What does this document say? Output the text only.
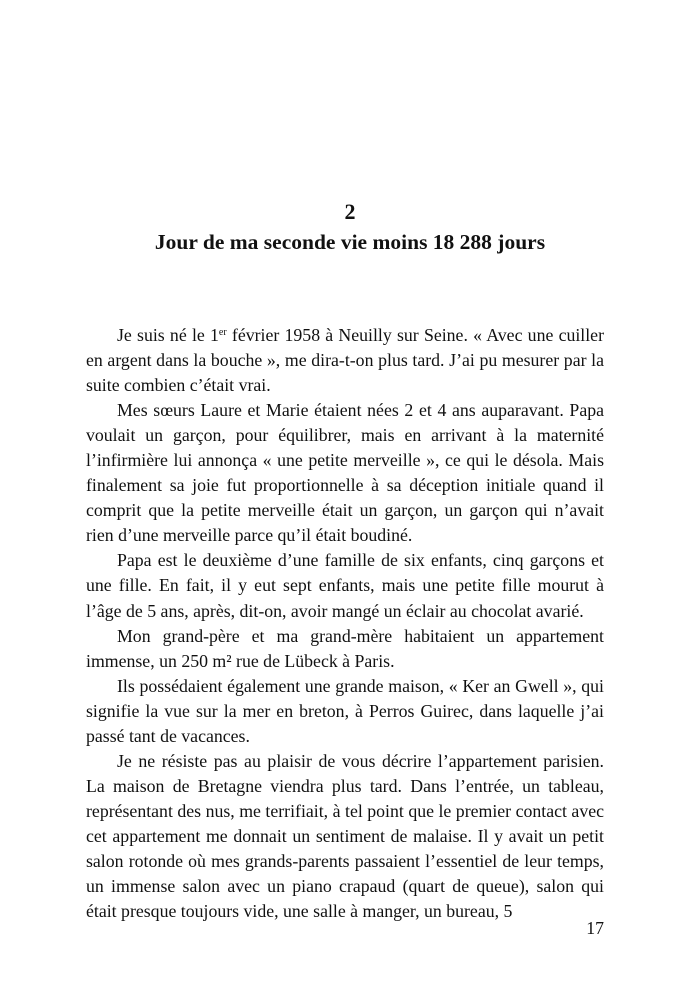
2
Jour de ma seconde vie moins 18 288 jours

Je suis né le 1er février 1958 à Neuilly sur Seine. « Avec une cuiller en argent dans la bouche », me dira-t-on plus tard. J’ai pu mesurer par la suite combien c’était vrai.

Mes sœurs Laure et Marie étaient nées 2 et 4 ans auparavant. Papa voulait un garçon, pour équilibrer, mais en arrivant à la maternité l’infirmière lui annonça « une petite merveille », ce qui le désola. Mais finalement sa joie fut proportionnelle à sa déception initiale quand il comprit que la petite merveille était un garçon, un garçon qui n’avait rien d’une merveille parce qu’il était boudiné.

Papa est le deuxième d’une famille de six enfants, cinq garçons et une fille. En fait, il y eut sept enfants, mais une petite fille mourut à l’âge de 5 ans, après, dit-on, avoir mangé un éclair au chocolat avarié.

Mon grand-père et ma grand-mère habitaient un appartement immense, un 250 m² rue de Lübeck à Paris.

Ils possédaient également une grande maison, « Ker an Gwell », qui signifie la vue sur la mer en breton, à Perros Guirec, dans laquelle j’ai passé tant de vacances.

Je ne résiste pas au plaisir de vous décrire l’appartement parisien. La maison de Bretagne viendra plus tard. Dans l’entrée, un tableau, représentant des nus, me terrifiait, à tel point que le premier contact avec cet appartement me donnait un sentiment de malaise. Il y avait un petit salon rotonde où mes grands-parents passaient l’essentiel de leur temps, un immense salon avec un piano crapaud (quart de queue), salon qui était presque toujours vide, une salle à manger, un bureau, 5

17
